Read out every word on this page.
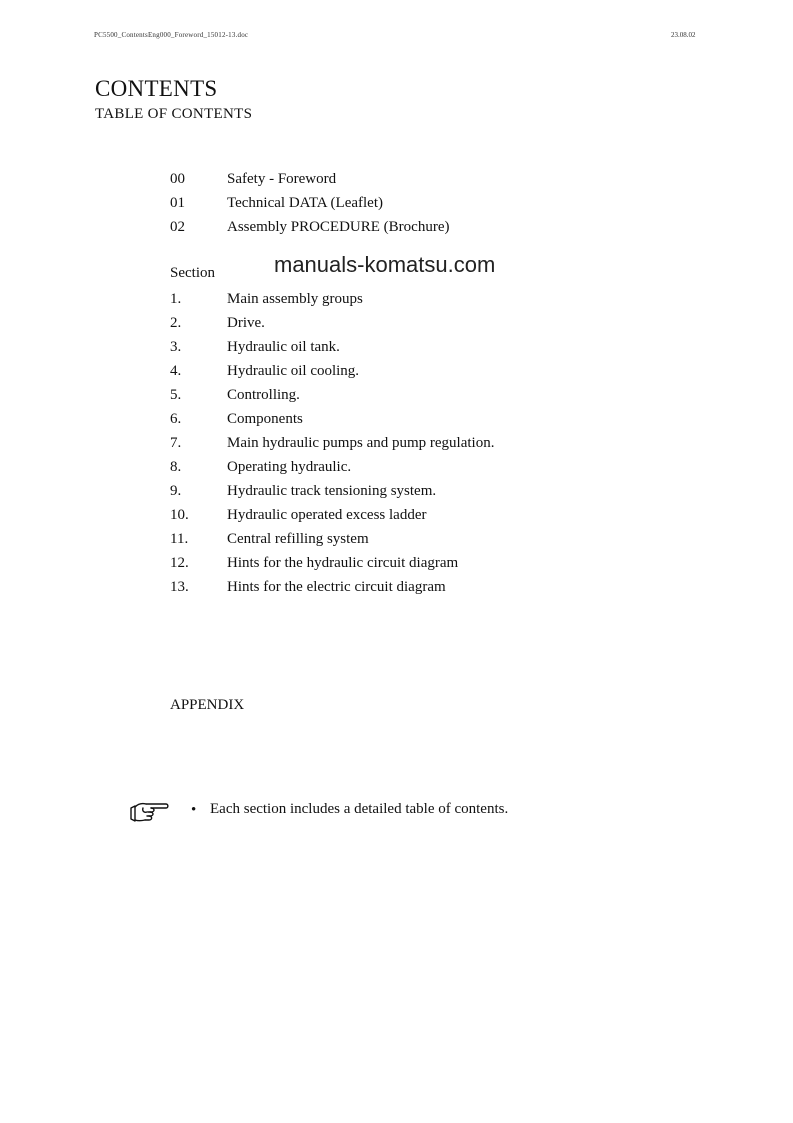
PC5500_ContentsEng000_Foreword_15012-13.doc	23.08.02
CONTENTS
TABLE OF CONTENTS
00	Safety - Foreword
01	Technical DATA (Leaflet)
02	Assembly PROCEDURE (Brochure)
Section	manuals-komatsu.com
1.	Main assembly groups
2.	Drive.
3.	Hydraulic oil tank.
4.	Hydraulic oil cooling.
5.	Controlling.
6.	Components
7.	Main hydraulic pumps and pump regulation.
8.	Operating hydraulic.
9.	Hydraulic track tensioning system.
10.	Hydraulic operated excess ladder
11.	Central refilling system
12.	Hints for the hydraulic circuit diagram
13.	Hints for the electric circuit diagram
APPENDIX
• Each section includes a detailed table of contents.
